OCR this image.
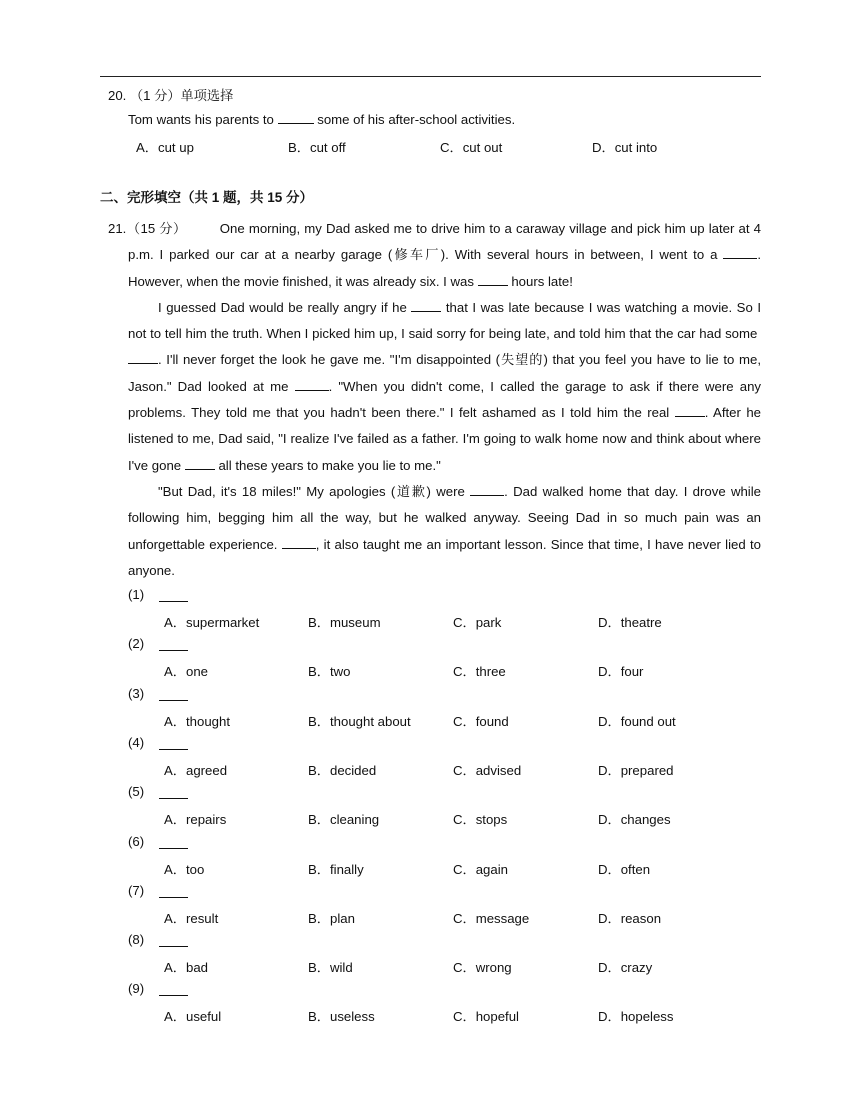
20. （1 分）单项选择
Tom wants his parents to	some of his after-school activities.
A．cut up	B．cut off	C．cut out	D．cut into
二、完形填空（共 1 题，共 15 分）
21.（15 分）	One morning, my Dad asked me to drive him to a caraway village and pick him up later at 4 p.m. I parked our car at a nearby garage (修车厂). With several hours in between, I went to a	. However, when the movie finished, it was already six. I was	hours late!
I guessed Dad would be really angry if he	that I was late because I was watching a movie. So I not to tell him the truth. When I picked him up, I said sorry for being late, and told him that the car had some . I'll never forget the look he gave me. "I'm disappointed (失望的) that you feel you have to lie to me, Jason." Dad looked at me	. "When you didn't come, I called the garage to ask if there were any problems. They told me that you hadn't been there." I felt ashamed as I told him the real	. After he listened to me, Dad said, "I realize I've failed as a father. I'm going to walk home now and think about where I've gone	all these years to make you lie to me."
"But Dad, it's 18 miles!" My apologies (道歉) were	. Dad walked home that day. I drove while following him, begging him all the way, but he walked anyway. Seeing Dad in so much pain was an unforgettable experience.	, it also taught me an important lesson. Since that time, I have never lied to anyone.
(1)
A．supermarket	B．museum	C．park	D．theatre
(2)
A．one	B．two	C．three	D．four
(3)
A．thought	B．thought about	C．found	D．found out
(4)
A．agreed	B．decided	C．advised	D．prepared
(5)
A．repairs	B．cleaning	C．stops	D．changes
(6)
A．too	B．finally	C．again	D．often
(7)
A．result	B．plan	C．message	D．reason
(8)
A．bad	B．wild	C．wrong	D．crazy
(9)
A．useful	B．useless	C．hopeful	D．hopeless
